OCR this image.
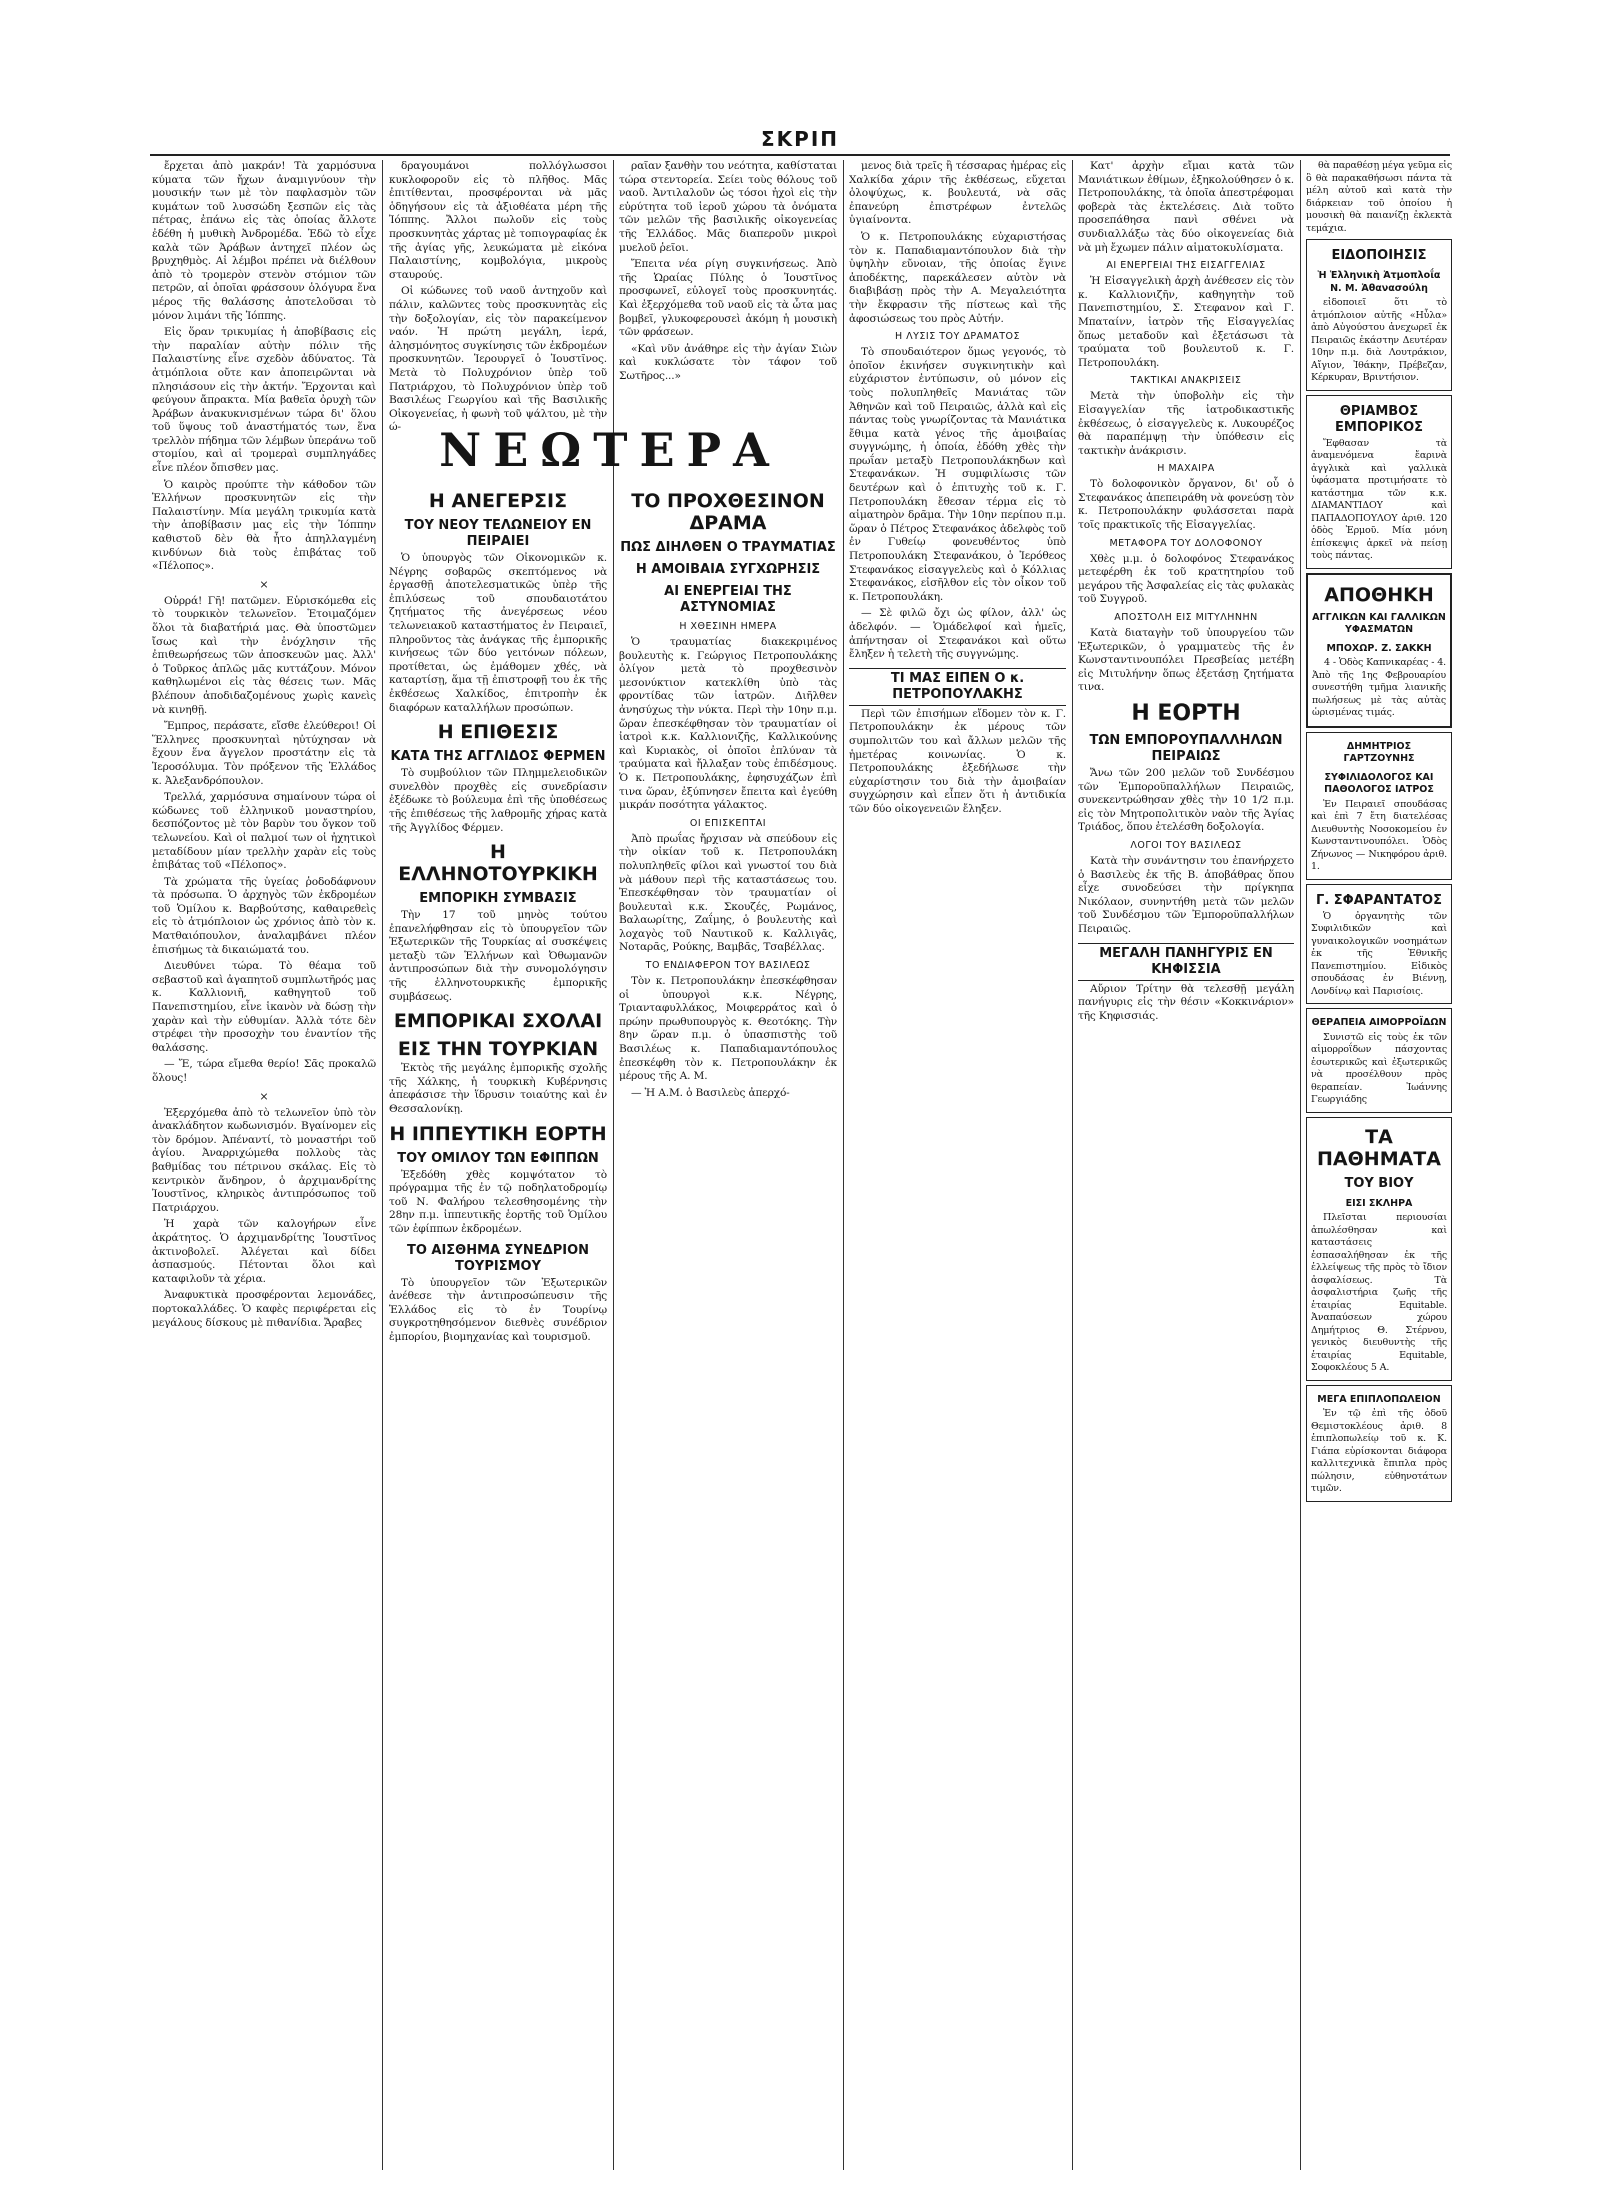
ΣΚΡΙΠ

ἔρχεται ἀπὸ μακράν! Τὰ χαρμόσυνα κύματα τῶν ἤχων ἀναμιγνύουν τὴν μουσικήν των μὲ τὸν παφλασμὸν τῶν κυμάτων τοῦ λυσσώδη ξεσπῶν εἰς τὰς πέτρας, ἐπάνω εἰς τὰς ὁποίας ἄλλοτε ἐδέθη ἡ μυθικὴ Ἀνδρομέδα. Ἐδῶ τὸ εἶχε καλὰ τῶν Ἀράβων ἀντηχεῖ πλέον ὡς βρυχηθμὸς. Αἱ λέμβοι πρέπει νὰ διέλθουν ἀπὸ τὸ τρομερὸν στενὸν στόμιον τῶν πετρῶν, αἱ ὁποῖαι φράσσουν ὁλόγυρα ἕνα μέρος τῆς θαλάσσης ἀποτελοῦσαι τὸ μόνον λιμάνι τῆς Ἰόππης.

Εἰς ὅραν τρικυμίας ἡ ἀποβίβασις εἰς τὴν παραλίαν αὐτὴν πόλιν τῆς Παλαιστίνης εἶνε σχεδὸν ἀδύνατος. Τὰ ἀτμόπλοια οὔτε καν ἀποπειρῶνται νὰ πλησιάσουν εἰς τὴν ἀκτήν. Ἔρχονται καὶ φεύγουν ἄπρακτα. Μία βαθεῖα ὀρυχὴ τῶν Ἀράβων ἀνακυκνισμένων τώρα δι' ὅλου τοῦ ὕψους τοῦ ἀναστήματός των, ἕνα τρελλὸν πήδημα τῶν λέμβων ὑπεράνω τοῦ στομίου, καὶ αἱ τρομεραὶ συμπληγάδες εἶνε πλέον ὄπισθεν μας.

Ὁ καιρὸς προύπτε τὴν κάθοδον τῶν Ἑλλήνων προσκυνητῶν εἰς τὴν Παλαιστίνην. Μία μεγάλη τρικυμία κατὰ τὴν ἀποβίβασιν μας εἰς τὴν Ἰόππην καθιστοῦ δὲν θὰ ἦτο ἀπηλλαγμένη κινδύνων διὰ τοὺς ἐπιβάτας τοῦ «Πέλοπος».

×

Οὐρρά! Γῆ! πατῶμεν. Εὑρισκόμεθα εἰς τὸ τουρκικὸν τελωνεῖον. Ἑτοιμαζόμεν ὅλοι τὰ διαβατήριά μας. Θὰ ὑποστῶμεν ἴσως καὶ τὴν ἐνόχλησιν τῆς ἐπιθεωρήσεως τῶν ἀποσκευῶν μας. Ἀλλ' ὁ Τοῦρκος ἀπλῶς μᾶς κυττάζουν. Μόνον καθηλωμένοι εἰς τὰς θέσεις των. Μᾶς βλέπουν ἀποδιδαζομένους χωρὶς κανεὶς νὰ κινηθῇ.

Ἔμπρος, περάσατε, εἴσθε ἐλεύθεροι! Οἱ Ἕλληνες προσκυνηταὶ ηὐτύχησαν νὰ ἔχουν ἕνα ἄγγελον προστάτην εἰς τὰ Ἱεροσόλυμα. Τὸν πρόξενον τῆς Ἑλλάδος κ. Ἀλεξανδρόπουλον.

Τρελλά, χαρμόσυνα σημαίνουν τώρα οἱ κώδωνες τοῦ ἑλληνικοῦ μοναστηρίου, δεσπόζοντος μὲ τὸν βαρὺν του ὄγκον τοῦ τελωνείου. Καὶ οἱ παλμοί των οἱ ἠχητικοὶ μεταδίδουν μίαν τρελλὴν χαρὰν εἰς τοὺς ἐπιβάτας τοῦ «Πέλοπος».

Τὰ χρώματα τῆς ὑγείας ῥοδοδάφνουν τὰ πρόσωπα. Ὁ ἀρχηγὸς τῶν ἐκδρομέων τοῦ Ὁμίλου κ. Βαρβούτσης, καθαιρεθεὶς εἰς τὸ ἀτμόπλοιον ὡς χρόνιος ἀπὸ τὸν κ. Ματθαιόπουλον, ἀναλαμβάνει πλέον ἐπισήμως τὰ δικαιώματά του.

Διευθύνει τώρα. Τὸ θέαμα τοῦ σεβαστοῦ καὶ ἀγαπητοῦ συμπλωτῆρός μας κ. Καλλιονιῆ, καθηγητοῦ τοῦ Πανεπιστημίου, εἶνε ἱκανὸν νὰ δώσῃ τὴν χαρὰν καὶ τὴν εὐθυμίαν. Ἀλλὰ τότε δὲν στρέφει τὴν προσοχὴν του ἐναντίον τῆς θαλάσσης.

— Ἔ, τώρα εἴμεθα θερίο! Σᾶς προκαλῶ ὅλους!

×

Ἐξερχόμεθα ἀπὸ τὸ τελωνεῖον ὑπὸ τὸν ἀνακλάδητον κωδωνισμόν. Βγαίνομεν εἰς τὸν δρόμον. Ἀπέναντί, τὸ μοναστήρι τοῦ ἀγίου. Ἀναρριχώμεθα πολλοὺς τὰς βαθμίδας του πέτρινου σκάλας. Εἰς τὸ κεντρικὸν ἄνδηρον, ὁ ἀρχιμανδρίτης Ἰουστῖνος, κληρικὸς ἀντιπρόσωπος τοῦ Πατριάρχου.

Ἡ χαρὰ τῶν καλογήρων εἶνε ἀκράτητος. Ὁ ἀρχιμανδρίτης Ἰουστῖνος ἀκτινοβολεῖ. Ἀλέγεται καὶ δίδει ἀσπασμούς. Πέτονται ὅλοι καὶ καταφιλοῦν τὰ χέρια.

Ἀναφυκτικὰ προσφέρονται λεμονάδες, πορτοκαλλάδες. Ὁ καφὲς περιφέρεται εἰς μεγάλους δίσκους μὲ πιθανίδια. Ἄραβες

δραγουμάνοι πολλόγλωσσοι κυκλοφοροῦν εἰς τὸ πλῆθος. Μᾶς ἐπιτίθενται, προσφέρονται νὰ μᾶς ὁδηγήσουν εἰς τὰ ἀξιοθέατα μέρη τῆς Ἰόππης. Ἄλλοι πωλοῦν εἰς τοὺς προσκυνητὰς χάρτας μὲ τοπιογραφίας ἐκ τῆς ἁγίας γῆς, λευκώματα μὲ εἰκόνα Παλαιστίνης, κομβολόγια, μικροὺς σταυρούς.

Οἱ κώδωνες τοῦ ναοῦ ἀντηχοῦν καὶ πάλιν, καλῶντες τοὺς προσκυνητὰς εἰς τὴν δοξολογίαν, εἰς τὸν παρακείμενον ναόν. Ἡ πρώτη μεγάλη, ἱερά, ἀλησμόνητος συγκίνησις τῶν ἐκδρομέων προσκυνητῶν. Ἱερουργεῖ ὁ Ἰουστῖνος. Μετὰ τὸ Πολυχρόνιον ὑπὲρ τοῦ Πατριάρχου, τὸ Πολυχρόνιον ὑπὲρ τοῦ Βασιλέως Γεωργίου καὶ τῆς Βασιλικῆς Οἰκογενείας, ἡ φωνὴ τοῦ ψάλτου, μὲ τὴν ώ-

ραῖαν ξανθὴν του νεότητα, καθίσταται τώρα στεντορεία. Σείει τοὺς θόλους τοῦ ναοῦ. Ἀντιλαλοῦν ὡς τόσοι ἠχοὶ εἰς τὴν εὐρύτητα τοῦ ἱεροῦ χώρου τὰ ὀνόματα τῶν μελῶν τῆς βασιλικῆς οἰκογενείας τῆς Ἑλλάδος. Μᾶς διαπεροῦν μικροὶ μυελοῦ ῥεῖοι.

Ἔπειτα νέα ρίγη συγκινήσεως. Ἀπὸ τῆς Ὡραίας Πύλης ὁ Ἰουστῖνος προσφωνεῖ, εὐλογεῖ τοὺς προσκυνητάς. Καὶ ἐξερχόμεθα τοῦ ναοῦ εἰς τὰ ὦτα μας βομβεῖ, γλυκοφερουσεὶ ἀκόμη ἡ μουσικὴ τῶν φράσεων.

«Καὶ νῦν ἀνάθηρε εἰς τὴν ἀγίαν Σιὼν καὶ κυκλώσατε τὸν τάφον τοῦ Σωτῆρος...»

ΝΕΩΤΕΡΑ
Η ΑΝΕΓΕΡΣΙΣ
ΤΟΥ ΝΕΟΥ ΤΕΛΩΝΕΙΟΥ ΕΝ ΠΕΙΡΑΙΕΙ

Ὁ ὑπουργὸς τῶν Οἰκονομικῶν κ. Νέγρης σοβαρῶς σκεπτόμενος νὰ ἐργασθῇ ἀποτελεσματικῶς ὑπὲρ τῆς ἐπιλύσεως τοῦ σπουδαιοτάτου ζητήματος τῆς ἀνεγέρσεως νέου τελωνειακοῦ καταστήματος ἐν Πειραιεῖ, πληροῦντος τὰς ἀνάγκας τῆς ἐμπορικῆς κινήσεως τῶν δύο γειτόνων πόλεων, προτίθεται, ὡς ἐμάθομεν χθές, νὰ καταρτίσῃ, ἅμα τῇ ἐπιστροφῇ του ἐκ τῆς ἐκθέσεως Χαλκίδος, ἐπιτροπὴν ἐκ διαφόρων καταλλήλων προσώπων.

Η ΕΠΙΘΕΣΙΣ
ΚΑΤΑ ΤΗΣ ΑΓΓΛΙΔΟΣ ΦΕΡΜΕΝ

Τὸ συμβούλιον τῶν Πλημμελειοδικῶν συνελθὸν προχθὲς εἰς συνεδρίασιν ἐξέδωκε τὸ βούλευμα ἐπὶ τῆς ὑποθέσεως τῆς ἐπιθέσεως τῆς λαθρομῆς χήρας κατὰ τῆς Ἀγγλίδος Φέρμεν.

Η ΕΛΛΗΝΟΤΟΥΡΚΙΚΗ
ΕΜΠΟΡΙΚΗ ΣΥΜΒΑΣΙΣ

Τὴν 17 τοῦ μηνὸς τούτου ἐπανελήφθησαν εἰς τὸ ὑπουργεῖον τῶν Ἐξωτερικῶν τῆς Τουρκίας αἱ συσκέψεις μεταξὺ τῶν Ἑλλήνων καὶ Ὀθωμανῶν ἀντιπροσώπων διὰ τὴν συνομολόγησιν τῆς ἑλληνοτουρκικῆς ἐμπορικῆς συμβάσεως.

ΕΜΠΟΡΙΚΑΙ ΣΧΟΛΑΙ
ΕΙΣ ΤΗΝ ΤΟΥΡΚΙΑΝ

Ἐκτὸς τῆς μεγάλης ἐμπορικῆς σχολῆς τῆς Χάλκης, ἡ τουρκικὴ Κυβέρνησις ἀπεφάσισε τὴν ἵδρυσιν τοιαύτης καὶ ἐν Θεσσαλονίκῃ.

Η ΙΠΠΕΥΤΙΚΗ ΕΟΡΤΗ
ΤΟΥ ΟΜΙΛΟΥ ΤΩΝ ΕΦΙΠΠΩΝ

Ἐξεδόθη χθὲς κομψότατον τὸ πρόγραμμα τῆς ἐν τῷ ποδηλατοδρομίῳ τοῦ Ν. Φαλήρου τελεσθησομένης τὴν 28ην π.μ. ἱππευτικῆς ἑορτῆς τοῦ Ὁμίλου τῶν ἐφίππων ἐκδρομέων.

ΤΟ ΑΙΣΘΗΜΑ ΣΥΝΕΔΡΙΟΝ ΤΟΥΡΙΣΜΟΥ

Τὸ ὑπουργεῖον τῶν Ἐξωτερικῶν ἀνέθεσε τὴν ἀντιπροσώπευσιν τῆς Ἑλλάδος εἰς τὸ ἐν Τουρίνῳ συγκροτηθησόμενον διεθνὲς συνέδριον ἐμπορίου, βιομηχανίας καὶ τουρισμοῦ.

ΤΟ ΠΡΟΧΘΕΣΙΝΟΝ ΔΡΑΜΑ
ΠΩΣ ΔΙΗΛΘΕΝ Ο ΤΡΑΥΜΑΤΙΑΣ
Η ΑΜΟΙΒΑΙΑ ΣΥΓΧΩΡΗΣΙΣ
ΑΙ ΕΝΕΡΓΕΙΑΙ ΤΗΣ ΑΣΤΥΝΟΜΙΑΣ
Η ΧΘΕΣΙΝΗ ΗΜΕΡΑ

Ὁ τραυματίας διακεκριμένος βουλευτὴς κ. Γεώργιος Πετροπουλάκης ὀλίγον μετὰ τὸ προχθεσινὸν μεσονύκτιον κατεκλίθη ὑπὸ τὰς φροντίδας τῶν ἰατρῶν. Διῆλθεν ἀνησύχως τὴν νύκτα. Περὶ τὴν 10ην π.μ. ὥραν ἐπεσκέφθησαν τὸν τραυματίαν οἱ ἰατροὶ κ.κ. Καλλιονιζῆς, Καλλικούνης καὶ Κυριακὸς, οἱ ὁποῖοι ἐπλύναν τὰ τραύματα καὶ ἤλλαξαν τοὺς ἐπιδέσμους. Ὁ κ. Πετροπουλάκης, ἐφησυχάζων ἐπὶ τινα ὥραν, ἐξύπνησεν ἔπειτα καὶ ἐγεύθη μικράν ποσότητα γάλακτος.

ΟΙ ΕΠΙΣΚΕΠΤΑΙ

Ἀπὸ πρωΐας ἤρχισαν νὰ σπεύδουν εἰς τὴν οἰκίαν τοῦ κ. Πετροπουλάκη πολυπληθεῖς φίλοι καὶ γνωστοί του διὰ νὰ μάθουν περὶ τῆς καταστάσεως του. Ἐπεσκέφθησαν τὸν τραυματίαν οἱ βουλευταὶ κ.κ. Σκουζές, Ρωμάνος, Βαλαωρίτης, Ζαΐμης, ὁ βουλευτὴς καὶ λοχαγὸς τοῦ Ναυτικοῦ κ. Καλλιγᾶς, Νοταρᾶς, Ρούκης, Βαμβᾶς, Τσαβέλλας.

ΤΟ ΕΝΔΙΑΦΕΡΟΝ ΤΟΥ ΒΑΣΙΛΕΩΣ

Τὸν κ. Πετροπουλάκην ἐπεσκέφθησαν οἱ ὑπουργοὶ κ.κ. Νέγρης, Τριανταφυλλάκος, Μοιφερράτος καὶ ὁ πρώην πρωθυπουργὸς κ. Θεοτόκης. Τὴν 8ην ὥραν π.μ. ὁ ὑπασπιστὴς τοῦ Βασιλέως κ. Παπαδιαμαντόπουλος ἐπεσκέφθη τὸν κ. Πετροπουλάκην ἐκ μέρους τῆς Α. Μ.

— Ἡ Α.Μ. ὁ Βασιλεὺς ἀπερχό-

μενος διὰ τρεῖς ἢ τέσσαρας ἡμέρας εἰς Χαλκίδα χάριν τῆς ἐκθέσεως, εὔχεται ὁλοψύχως, κ. βουλευτά, νὰ σᾶς ἐπανεύρη ἐπιστρέφων ἐντελῶς ὑγιαίνοντα.

Ὁ κ. Πετροπουλάκης εὐχαριστήσας τὸν κ. Παπαδιαμαντόπουλον διὰ τὴν ὑψηλὴν εὔνοιαν, τῆς ὁποίας ἔγινε ἀποδέκτης, παρεκάλεσεν αὐτὸν νὰ διαβιβάσῃ πρὸς τὴν Α. Μεγαλειότητα τὴν ἔκφρασιν τῆς πίστεως καὶ τῆς ἀφοσιώσεως του πρὸς Αὐτήν.

Η ΛΥΣΙΣ ΤΟΥ ΔΡΑΜΑΤΟΣ

Τὸ σπουδαιότερον ὅμως γεγονός, τὸ ὁποῖον ἐκινήσεν συγκινητικὴν καὶ εὐχάριστον ἐντύπωσιν, οὐ μόνον εἰς τοὺς πολυπληθεῖς Μανιάτας τῶν Ἀθηνῶν καὶ τοῦ Πειραιῶς, ἀλλὰ καὶ εἰς πάντας τοὺς γνωρίζοντας τὰ Μανιάτικα ἔθιμα κατὰ γένος τῆς ἀμοιβαίας συγγνώμης, ἡ ὁποία, ἐδόθη χθὲς τὴν πρωΐαν μεταξὺ Πετροπουλάκηδων καὶ Στεφανάκων. Ἡ συμφιλίωσις τῶν δευτέρων καὶ ὁ ἐπιτυχὴς τοῦ κ. Γ. Πετροπουλάκη ἔθεσαν τέρμα εἰς τὸ αἱματηρὸν δρᾶμα. Τὴν 10ην περίπου π.μ. ὥραν ὁ Πέτρος Στεφανάκος ἀδελφὸς τοῦ ἐν Γυθείῳ φονευθέντος ὑπὸ Πετροπουλάκη Στεφανάκου, ὁ Ἰερόθεος Στεφανάκος εἰσαγγελεὺς καὶ ὁ Κόλλιας Στεφανάκος, εἰσῆλθον εἰς τὸν οἶκον τοῦ κ. Πετροπουλάκη.

— Σὲ φιλῶ ὄχι ὡς φίλον, ἀλλ' ὡς ἀδελφόν. — Ὁμάδελφοί καὶ ἡμεῖς, ἀπήντησαν οἱ Στεφανάκοι καὶ οὕτω ἔληξεν ἡ τελετὴ τῆς συγγνώμης.

ΤΙ ΜΑΣ ΕΙΠΕΝ Ο κ. ΠΕΤΡΟΠΟΥΛΑΚΗΣ

Περὶ τῶν ἐπισήμων εἴδομεν τὸν κ. Γ. Πετροπουλάκην ἐκ μέρους τῶν συμπολιτῶν του καὶ ἄλλων μελῶν τῆς ἡμετέρας κοινωνίας. Ὁ κ. Πετροπουλάκης ἐξεδήλωσε τὴν εὐχαρίστησιν του διὰ τὴν ἀμοιβαίαν συγχώρησιν καὶ εἶπεν ὅτι ἡ ἀντιδικία τῶν δύο οἰκογενειῶν ἔληξεν.

Κατ' ἀρχὴν εἴμαι κατὰ τῶν Μανιάτικων ἐθίμων, ἐξηκολούθησεν ὁ κ. Πετροπουλάκης, τὰ ὁποῖα ἀπεστρέφομαι φοβερὰ τὰς ἐκτελέσεις. Διὰ τοῦτο προσεπάθησα πανὶ σθένει νὰ συνδιαλλάξω τὰς δύο οἰκογενείας διὰ νὰ μὴ ἔχωμεν πάλιν αἱματοκυλίσματα.

ΑΙ ΕΝΕΡΓΕΙΑΙ ΤΗΣ ΕΙΣΑΓΓΕΛΙΑΣ

Ἡ Εἰσαγγελικὴ ἀρχὴ ἀνέθεσεν εἰς τὸν κ. Καλλιονιζῆν, καθηγητὴν τοῦ Πανεπιστημίου, Σ. Στεφανον καὶ Γ. Μπαταίνν, ἰατρὸν τῆς Εἰσαγγελίας ὅπως μεταδοῦν καὶ ἐξετάσωσι τὰ τραύματα τοῦ βουλευτοῦ κ. Γ. Πετροπουλάκη.

ΤΑΚΤΙΚΑΙ ΑΝΑΚΡΙΣΕΙΣ

Μετὰ τὴν ὑποβολὴν εἰς τὴν Εἰσαγγελίαν τῆς ἰατροδικαστικῆς ἐκθέσεως, ὁ εἰσαγγελεὺς κ. Λυκουρέζος θὰ παραπέμψῃ τὴν ὑπόθεσιν εἰς τακτικὴν ἀνάκρισιν.

Η ΜΑΧΑΙΡΑ

Τὸ δολοφονικὸν ὄργανον, δι' οὗ ὁ Στεφανάκος ἀπεπειράθη νὰ φονεύσῃ τὸν κ. Πετροπουλάκην φυλάσσεται παρὰ τοῖς πρακτικοῖς τῆς Εἰσαγγελίας.

ΜΕΤΑΦΟΡΑ ΤΟΥ ΔΟΛΟΦΟΝΟΥ

Χθὲς μ.μ. ὁ δολοφόνος Στεφανάκος μετεφέρθη ἐκ τοῦ κρατητηρίου τοῦ μεγάρου τῆς Ἀσφαλείας εἰς τὰς φυλακὰς τοῦ Συγγροῦ.

ΑΠΟΣΤΟΛΗ ΕΙΣ ΜΙΤΥΛΗΝΗΝ

Κατὰ διαταγὴν τοῦ ὑπουργείου τῶν Ἐξωτερικῶν, ὁ γραμματεὺς τῆς ἐν Κωνσταντινουπόλει Πρεσβείας μετέβη εἰς Μιτυλήνην ὅπως ἐξετάσῃ ζητήματα τινα.

Η ΕΟΡΤΗ
ΤΩΝ ΕΜΠΟΡΟΥΠΑΛΛΗΛΩΝ ΠΕΙΡΑΙΩΣ

Ἄνω τῶν 200 μελῶν τοῦ Συνδέσμου τῶν Ἐμποροϋπαλλήλων Πειραιῶς, συνεκεντρώθησαν χθὲς τὴν 10 1/2 π.μ. εἰς τὸν Μητροπολιτικὸν ναὸν τῆς Ἁγίας Τριάδος, ὅπου ἐτελέσθη δοξολογία.

ΛΟΓΟΙ ΤΟΥ ΒΑΣΙΛΕΩΣ

Κατὰ τὴν συνάντησιν του ἐπανήρχετο ὁ Βασιλεὺς ἐκ τῆς Β. ἀποβάθρας ὅπου εἶχε συνοδεύσει τὴν πρίγκηπα Νικόλαον, συνηντήθη μετὰ τῶν μελῶν τοῦ Συνδέσμου τῶν Ἐμποροϋπαλλήλων Πειραιῶς.

ΜΕΓΑΛΗ ΠΑΝΗΓΥΡΙΣ ΕΝ ΚΗΦΙΣΣΙΑ

Αὔριον Τρίτην θὰ τελεσθῇ μεγάλη πανήγυρις εἰς τὴν θέσιν «Κοκκινάριον» τῆς Κηφισσιάς.

θὰ παραθέσῃ μέγα γεῦμα εἰς ὃ θὰ παρακαθήσωσι πάντα τὰ μέλη αὐτοῦ καὶ κατὰ τὴν διάρκειαν τοῦ ὁποίου ἡ μουσικὴ θὰ παιανίζῃ ἐκλεκτὰ τεμάχια.

ΕΙΔΟΠΟΙΗΣΙΣ
Ἡ Ἑλληνικὴ Ἀτμοπλοΐα Ν. Μ. Ἀθανασούλη

εἰδοποιεῖ ὅτι τὸ ἀτμόπλοιον αὐτῆς «Ηὖλα» ἀπὸ Αὐγούστου ἀνεχωρεῖ ἐκ Πειραιῶς ἐκάστην Δευτέραν 10ην π.μ. διὰ Λουτράκιον, Αἴγιον, Ἰθάκην, Πρέβεζαν, Κέρκυραν, Βριντήσιον.

ΘΡΙΑΜΒΟΣ ΕΜΠΟΡΙΚΟΣ

Ἔφθασαν τὰ ἀναμενόμενα ἔαρινὰ ἀγγλικὰ καὶ γαλλικὰ ὑφάσματα προτιμήσατε τὸ κατάστημα τῶν κ.κ. ΔΙΑΜΑΝΤΙΔΟΥ καὶ ΠΑΠΑΔΟΠΟΥΛΟΥ ἀριθ. 120 ὁδὸς Ἑρμοῦ. Μία μόνη ἐπίσκεψις ἀρκεῖ νὰ πείσῃ τοὺς πάντας.

ΑΠΟΘΗΚΗ
ΑΓΓΛΙΚΩΝ ΚΑΙ ΓΑΛΛΙΚΩΝ ΥΦΑΣΜΑΤΩΝ
ΜΠΟΧΩΡ. Ζ. ΣΑΚΚΗ

4 - Ὁδὸς Καπνικαρέας - 4. Ἀπὸ τῆς 1ης Φεβρουαρίου συνεστήθη τμῆμα λιανικῆς πωλήσεως μὲ τὰς αὐτὰς ὡρισμένας τιμάς.

ΔΗΜΗΤΡΙΟΣ ΓΑΡΤΖΟΥΝΗΣ
ΣΥΦΙΛΙΔΟΛΟΓΟΣ ΚΑΙ ΠΑΘΟΛΟΓΟΣ ΙΑΤΡΟΣ

Ἐν Πειραιεῖ σπουδάσας καὶ ἐπὶ 7 ἔτη διατελέσας Διευθυντὴς Νοσοκομείου ἐν Κωνσταντινουπόλει. Ὁδὸς Ζήνωνος — Νικηφόρου ἀριθ. 1.

Γ. ΣΦΑΡΑΝΤΑΤΟΣ

Ὁ ὀργανητὴς τῶν Συφιλιδικῶν καὶ γυναικολογικῶν νοσημάτων ἐκ τῆς Ἐθνικῆς Πανεπιστημίου. Εἰδικὸς σπουδάσας ἐν Βιέννῃ, Λονδίνῳ καὶ Παρισίοις.

ΘΕΡΑΠΕΙΑ ΑΙΜΟΡΡΟΪΔΩΝ

Συνιστῶ εἰς τοὺς ἐκ τῶν αἱμορροΐδων πάσχοντας ἐσωτερικῶς καὶ ἐξωτερικῶς νὰ προσέλθουν πρὸς θεραπείαν. Ἰωάννης Γεωργιάδης

ΤΑ ΠΑΘΗΜΑΤΑ
ΤΟΥ ΒΙΟΥ
ΕΙΣΙ ΣΚΛΗΡΑ

Πλεῖσται περιουσίαι ἀπωλέσθησαν καὶ καταστάσεις ἐσπασαλήθησαν ἐκ τῆς ἐλλείψεως τῆς πρὸς τὸ ἴδιον ἀσφαλίσεως. Τὰ ἀσφαλιστήρια ζωῆς τῆς ἑταιρίας Equitable. Ἀναπαύσεων χώρου Δημήτριος Θ. Στέρνου, γενικὸς διευθυντὴς τῆς ἑταιρίας Equitable, Σοφοκλέους 5 Α.

ΜΕΓΑ ΕΠΙΠΛΟΠΩΛΕΙΟΝ

Ἐν τῷ ἐπὶ τῆς ὁδοῦ Θεμιστοκλέους ἀριθ. 8 ἐπιπλοπωλείῳ τοῦ κ. Κ. Γιάπα εὑρίσκονται διάφορα καλλιτεχνικὰ ἔπιπλα πρὸς πώλησιν, εὐθηνοτάτων τιμῶν.
